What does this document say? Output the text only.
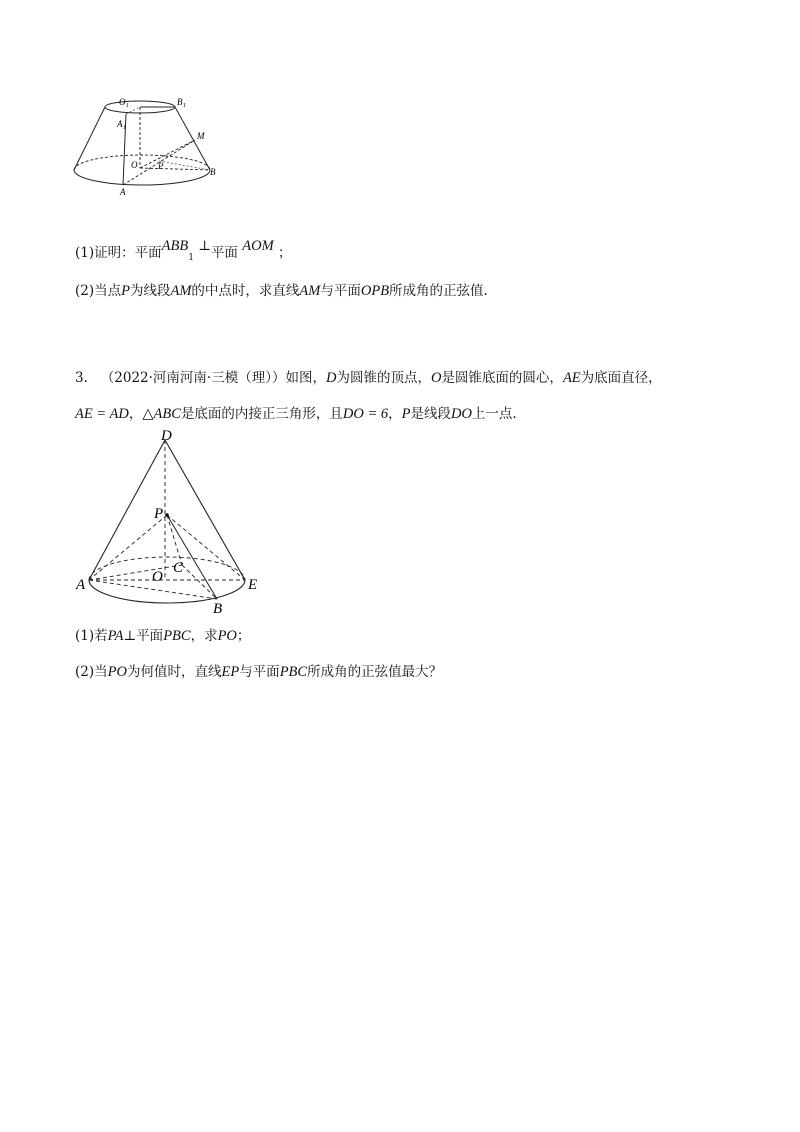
O 1	B 1
A 1
M
O P
B
A
(1)证明：平面$ABB_1$ ⊥平面 AOM ；
(2)当点P为线段AM的中点时，求直线AM与平面OPB所成角的正弦值.
3. （2022·河南河南·三模（理））如图，D为圆锥的顶点，O是圆锥底面的圆心，AE为底面直径，
AE = AD，△ABC是底面的内接正三角形，且DO = 6，P是线段DO上一点.
D
P
O
C
A	E
B
(1)若PA⊥平面PBC，求PO；
(2)当PO为何值时，直线EP与平面PBC所成角的正弦值最大？
